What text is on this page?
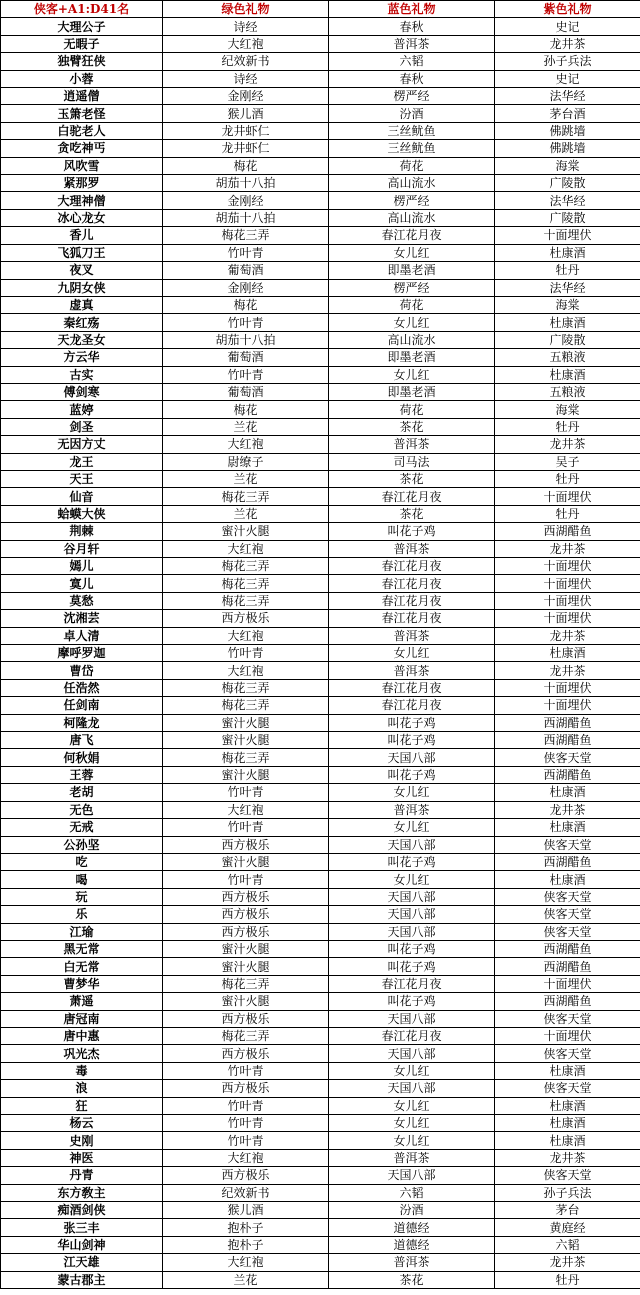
侠客+A1:D41名	绿色礼物	蓝色礼物	紫色礼物
大理公子	诗经	春秋	史记
无暇子	大红袍	普洱茶	龙井茶
独臂狂侠	纪效新书	六韬	孙子兵法
小蓉	诗经	春秋	史记
逍遥僧	金刚经	楞严经	法华经
玉箫老怪	猴儿酒	汾酒	茅台酒
白驼老人	龙井虾仁	三丝鱿鱼	佛跳墙
贪吃神丐	龙井虾仁	三丝鱿鱼	佛跳墙
风吹雪	梅花	荷花	海棠
紧那罗	胡茄十八拍	高山流水	广陵散
大理神僧	金刚经	楞严经	法华经
冰心龙女	胡茄十八拍	高山流水	广陵散
香儿	梅花三弄	春江花月夜	十面埋伏
飞狐刀王	竹叶青	女儿红	杜康酒
夜叉	葡萄酒	即墨老酒	牡丹
九阴女侠	金刚经	楞严经	法华经
虚真	梅花	荷花	海棠
秦红殇	竹叶青	女儿红	杜康酒
天龙圣女	胡茄十八拍	高山流水	广陵散
方云华	葡萄酒	即墨老酒	五粮液
古实	竹叶青	女儿红	杜康酒
傅剑寒	葡萄酒	即墨老酒	五粮液
蓝婷	梅花	荷花	海棠
剑圣	兰花	茶花	牡丹
无因方丈	大红袍	普洱茶	龙井茶
龙王	尉缭子	司马法	吴子
天王	兰花	茶花	牡丹
仙音	梅花三弄	春江花月夜	十面埋伏
蛤蟆大侠	兰花	茶花	牡丹
荆棘	蜜汁火腿	叫花子鸡	西湖醋鱼
谷月轩	大红袍	普洱茶	龙井茶
嫣儿	梅花三弄	春江花月夜	十面埋伏
寞儿	梅花三弄	春江花月夜	十面埋伏
莫愁	梅花三弄	春江花月夜	十面埋伏
沈湘芸	西方极乐	春江花月夜	十面埋伏
卓人清	大红袍	普洱茶	龙井茶
摩呼罗迦	竹叶青	女儿红	杜康酒
曹岱	大红袍	普洱茶	龙井茶
任浩然	梅花三弄	春江花月夜	十面埋伏
任剑南	梅花三弄	春江花月夜	十面埋伏
柯隆龙	蜜汁火腿	叫花子鸡	西湖醋鱼
唐飞	蜜汁火腿	叫花子鸡	西湖醋鱼
何秋娟	梅花三弄	天国八部	侠客天堂
王蓉	蜜汁火腿	叫花子鸡	西湖醋鱼
老胡	竹叶青	女儿红	杜康酒
无色	大红袍	普洱茶	龙井茶
无戒	竹叶青	女儿红	杜康酒
公孙坚	西方极乐	天国八部	侠客天堂
吃	蜜汁火腿	叫花子鸡	西湖醋鱼
喝	竹叶青	女儿红	杜康酒
玩	西方极乐	天国八部	侠客天堂
乐	西方极乐	天国八部	侠客天堂
江瑜	西方极乐	天国八部	侠客天堂
黑无常	蜜汁火腿	叫花子鸡	西湖醋鱼
白无常	蜜汁火腿	叫花子鸡	西湖醋鱼
曹梦华	梅花三弄	春江花月夜	十面埋伏
萧遥	蜜汁火腿	叫花子鸡	西湖醋鱼
唐冠南	西方极乐	天国八部	侠客天堂
唐中惠	梅花三弄	春江花月夜	十面埋伏
巩光杰	西方极乐	天国八部	侠客天堂
毒	竹叶青	女儿红	杜康酒
浪	西方极乐	天国八部	侠客天堂
狂	竹叶青	女儿红	杜康酒
杨云	竹叶青	女儿红	杜康酒
史刚	竹叶青	女儿红	杜康酒
神医	大红袍	普洱茶	龙井茶
丹青	西方极乐	天国八部	侠客天堂
东方敎主	纪效新书	六韬	孙子兵法
痴酒剑侠	猴儿酒	汾酒	茅台
张三丰	抱朴子	道德经	黄庭经
华山剑神	抱朴子	道德经	六韬
江天雄	大红袍	普洱茶	龙井茶
蒙古郡主	兰花	茶花	牡丹
